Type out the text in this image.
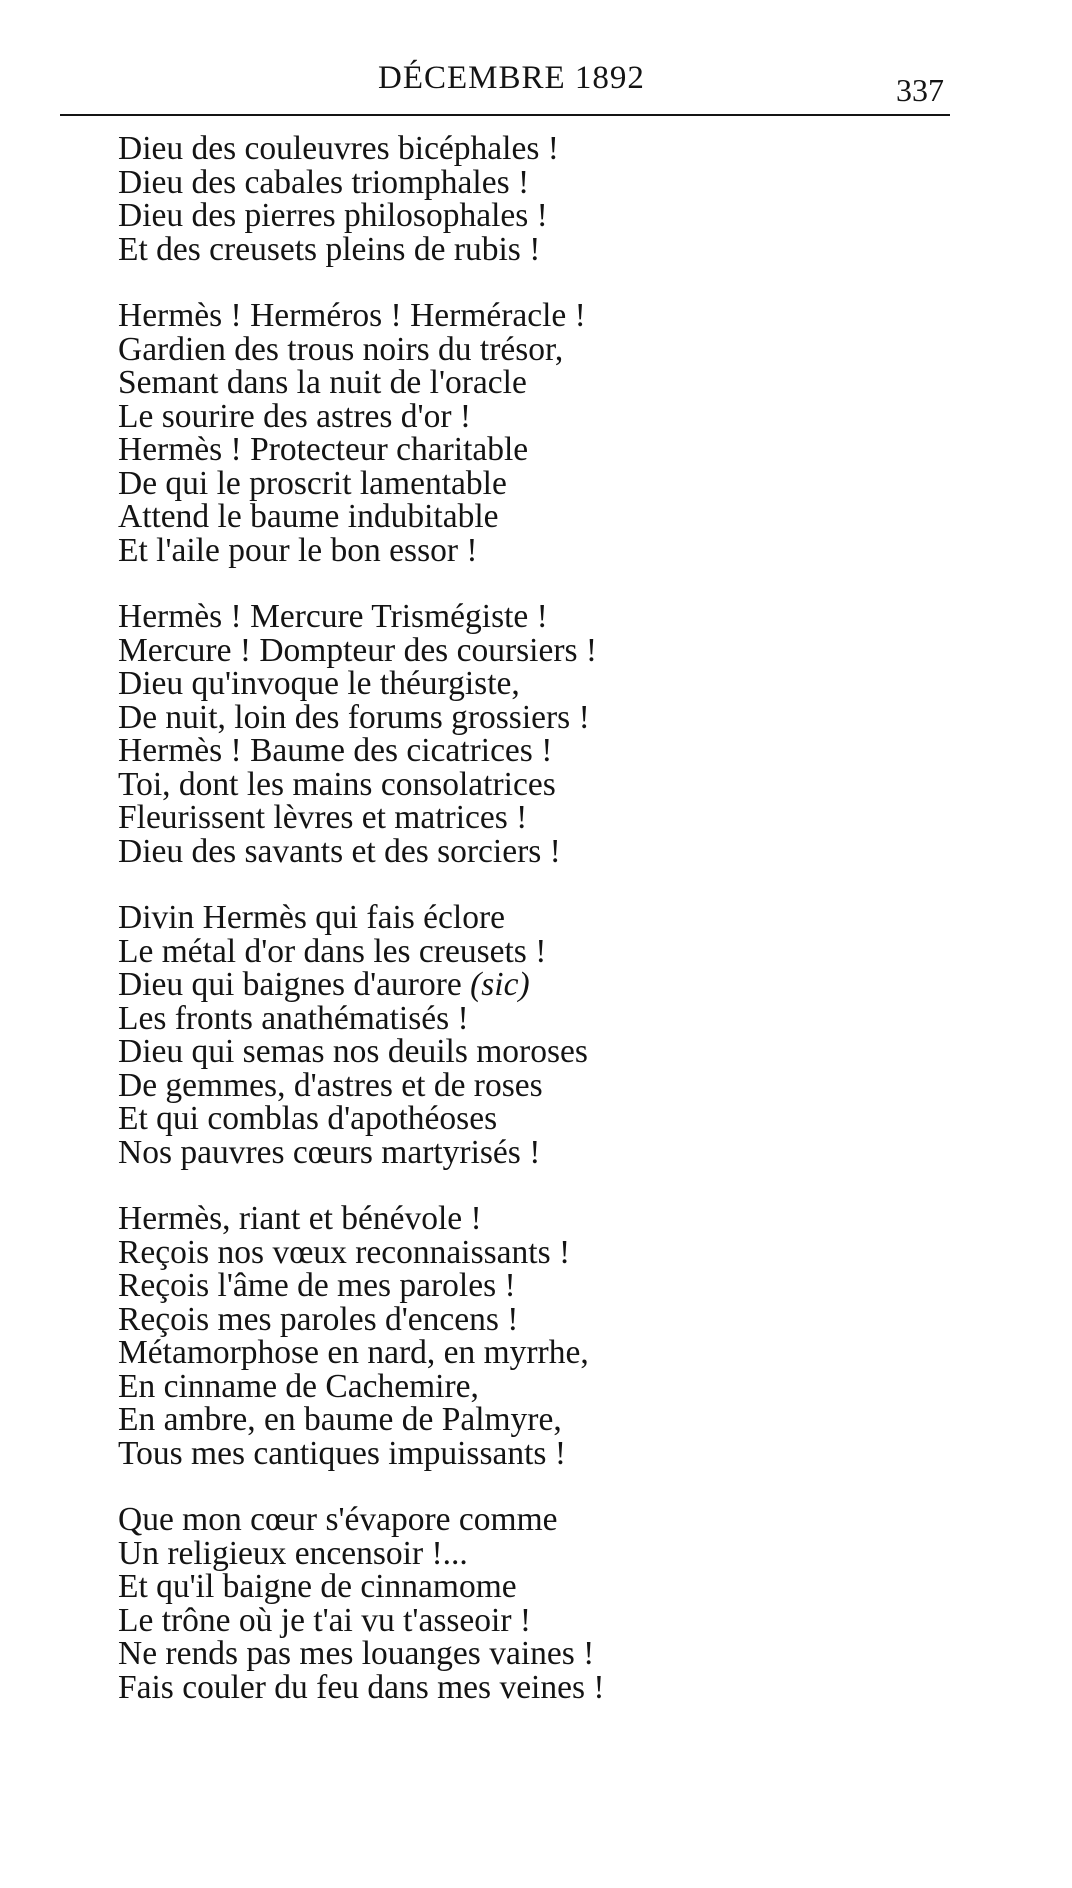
DÉCEMBRE 1892	337
Dieu des couleuvres bicéphales !
Dieu des cabales triomphales !
Dieu des pierres philosophales !
Et des creusets pleins de rubis !
Hermès ! Herméros ! Herméracle !
Gardien des trous noirs du trésor,
Semant dans la nuit de l'oracle
Le sourire des astres d'or !
Hermès ! Protecteur charitable
De qui le proscrit lamentable
Attend le baume indubitable
Et l'aile pour le bon essor !
Hermès ! Mercure Trismégiste !
Mercure ! Dompteur des coursiers !
Dieu qu'invoque le théurgiste,
De nuit, loin des forums grossiers !
Hermès ! Baume des cicatrices !
Toi, dont les mains consolatrices
Fleurissent lèvres et matrices !
Dieu des savants et des sorciers !
Divin Hermès qui fais éclore
Le métal d'or dans les creusets !
Dieu qui baignes d'aurore (sic)
Les fronts anathématisés !
Dieu qui semas nos deuils moroses
De gemmes, d'astres et de roses
Et qui comblas d'apothéoses
Nos pauvres cœurs martyrisés !
Hermès, riant et bénévole !
Reçois nos vœux reconnaissants !
Reçois l'âme de mes paroles !
Reçois mes paroles d'encens !
Métamorphose en nard, en myrrhe,
En cinname de Cachemire,
En ambre, en baume de Palmyre,
Tous mes cantiques impuissants !
Que mon cœur s'évapore comme
Un religieux encensoir !...
Et qu'il baigne de cinnamome
Le trône où je t'ai vu t'asseoir !
Ne rends pas mes louanges vaines !
Fais couler du feu dans mes veines !
